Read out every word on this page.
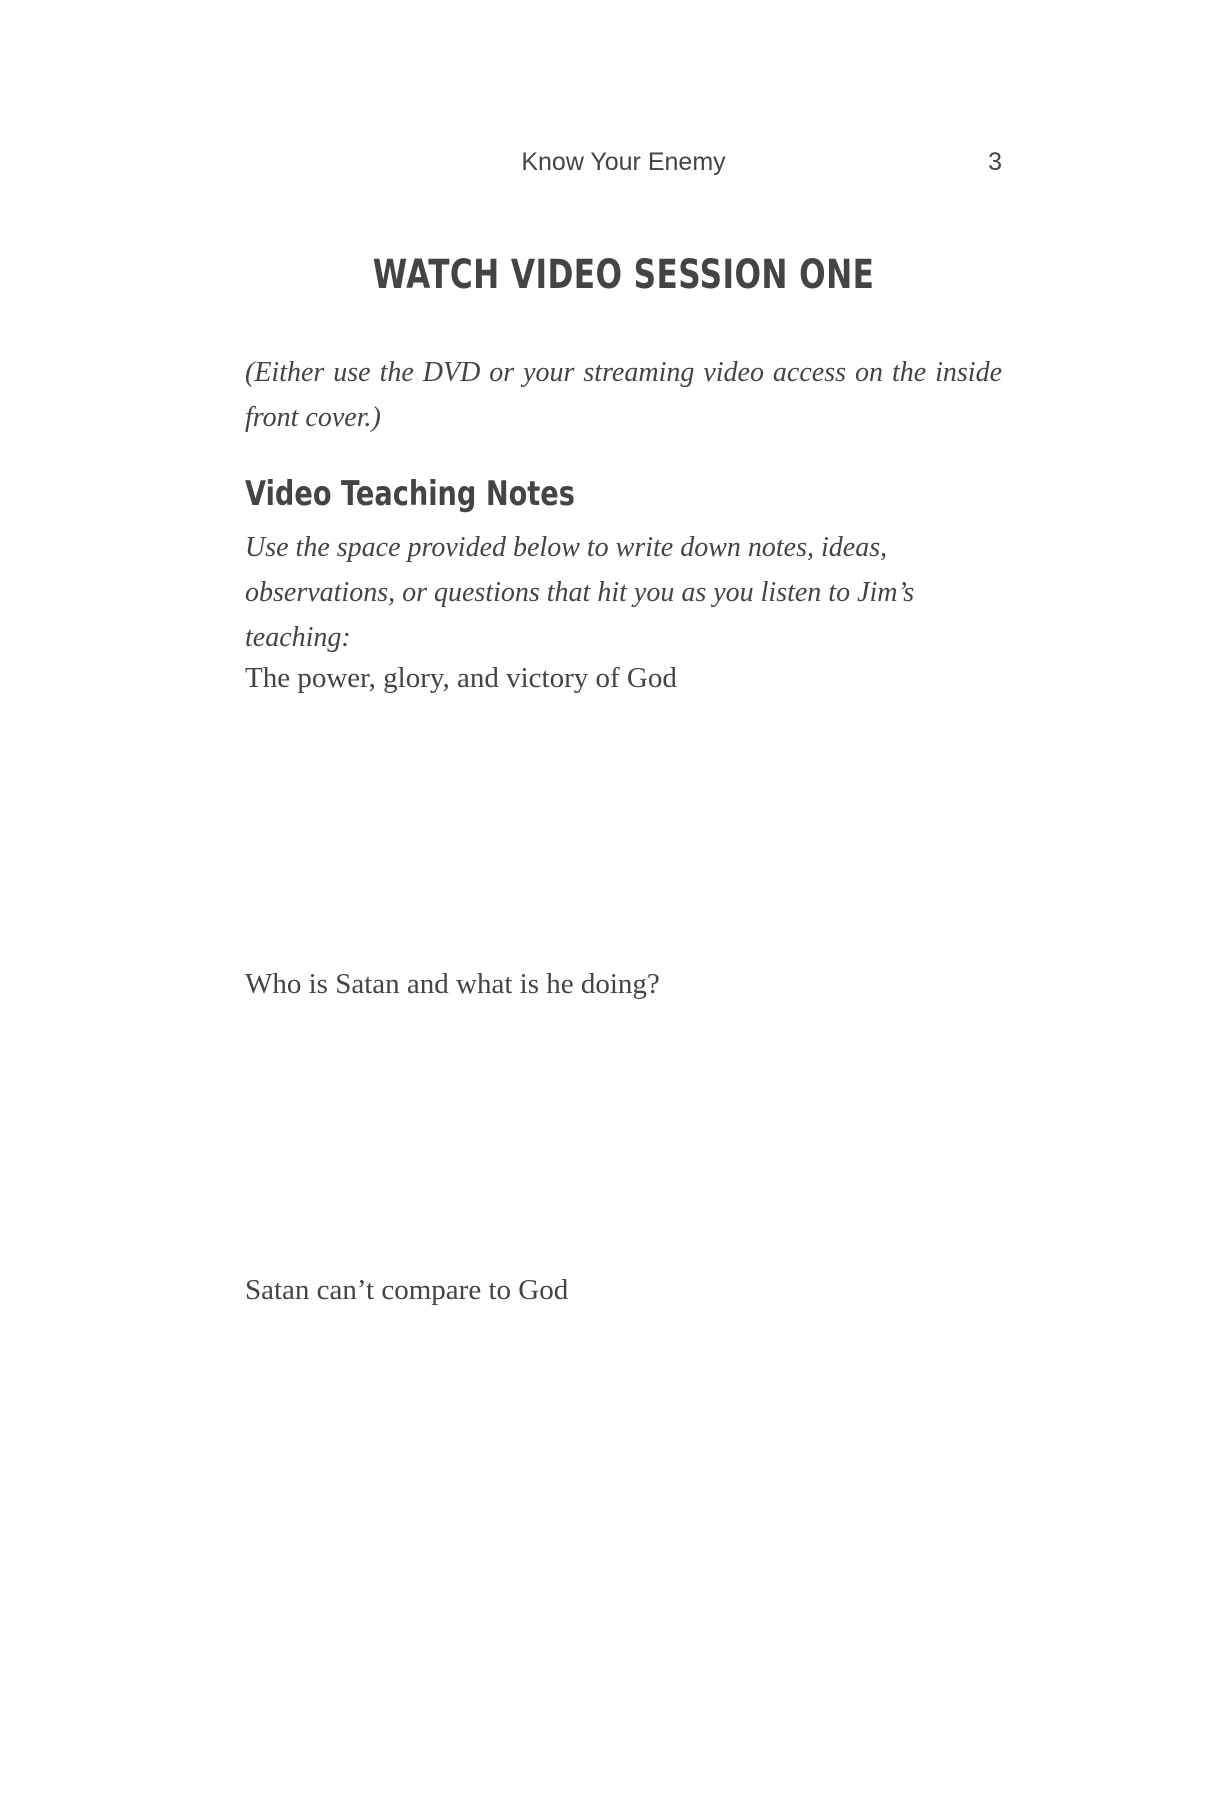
Know Your Enemy	3
WATCH VIDEO SESSION ONE
(Either use the DVD or your streaming video access on the inside front cover.)
Video Teaching Notes
Use the space provided below to write down notes, ideas, observations, or questions that hit you as you listen to Jim’s teaching:
The power, glory, and victory of God
Who is Satan and what is he doing?
Satan can’t compare to God
